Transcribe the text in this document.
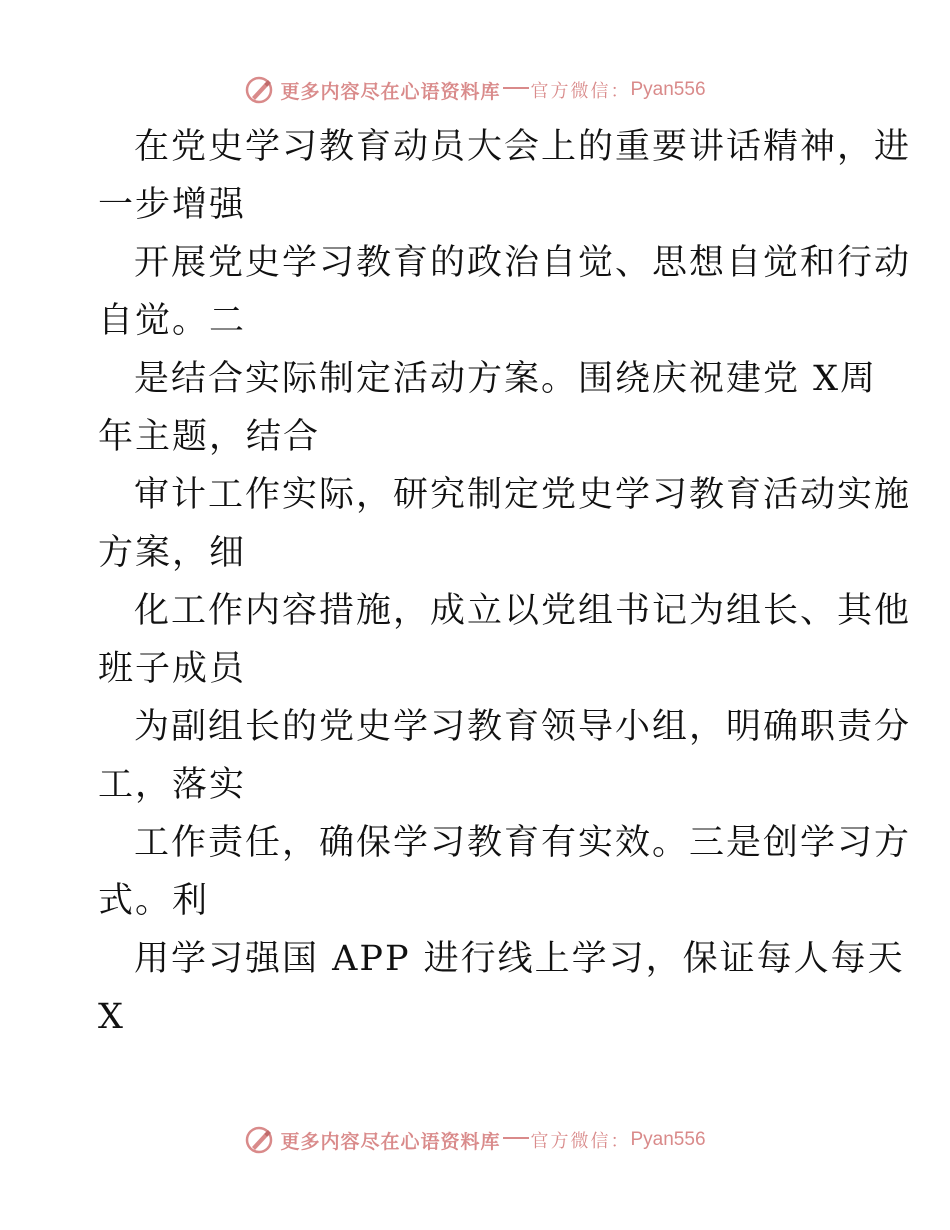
更多内容尽在心语资料库 官方微信： Pyan556
在党史学习教育动员大会上的重要讲话精神，进
一步增强
开展党史学习教育的政治自觉、思想自觉和行动
自觉。二
是结合实际制定活动方案。围绕庆祝建党 X周
年主题，结合
审计工作实际，研究制定党史学习教育活动实施
方案，细
化工作内容措施，成立以党组书记为组长、其他
班子成员
为副组长的党史学习教育领导小组，明确职责分
工，落实
工作责任，确保学习教育有实效。三是创学习方
式。利
用学习强国 APP 进行线上学习，保证每人每天
X
更多内容尽在心语资料库 官方微信： Pyan556
